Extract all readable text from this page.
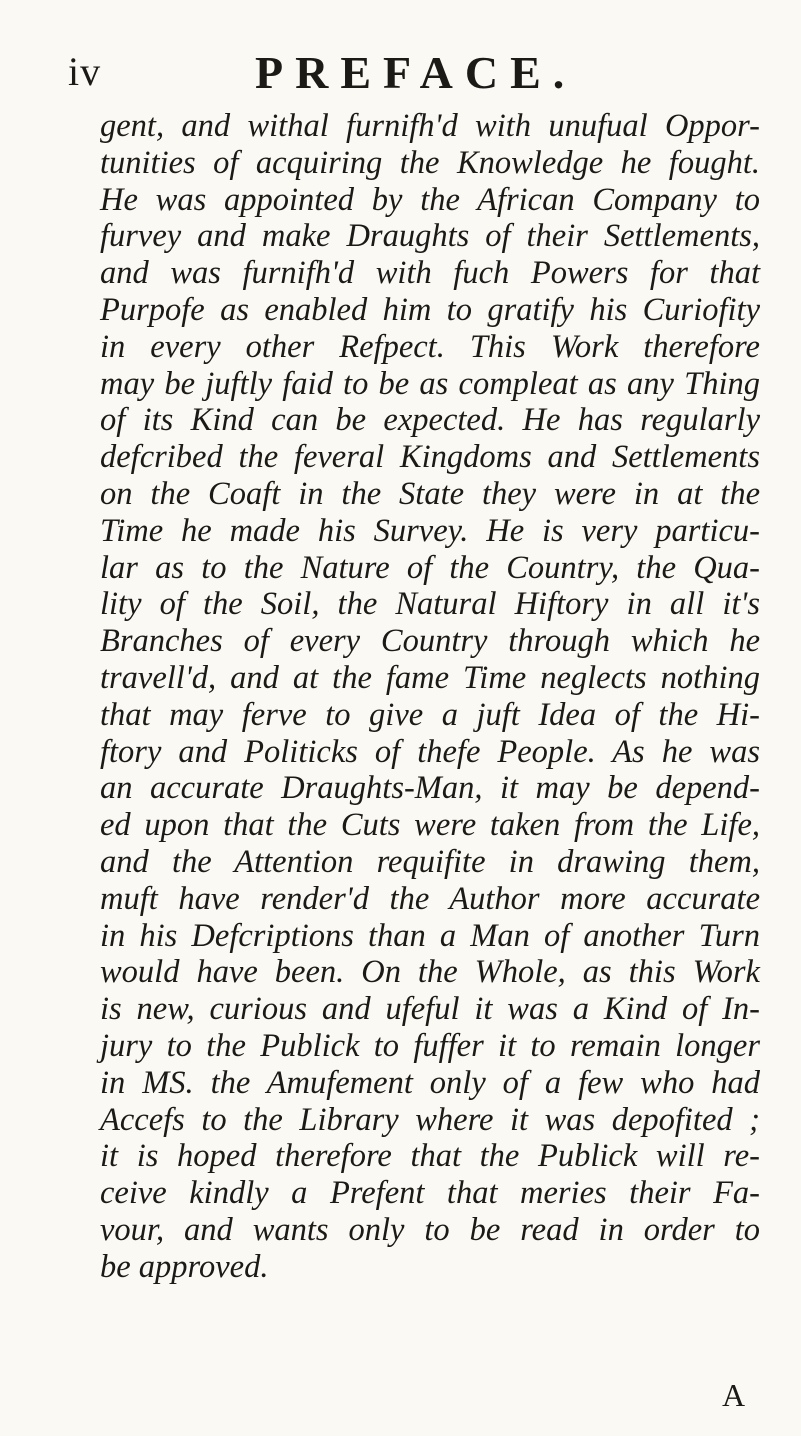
iv	PREFACE.
gent, and withal furnifh'd with unufual Oppor-
tunities of acquiring the Knowledge he fought.
He was appointed by the African Company to
furvey and make Draughts of their Settlements,
and was furnifh'd with fuch Powers for that
Purpofe as enabled him to gratify his Curiofity
in every other Refpect. This Work therefore
may be juftly faid to be as compleat as any Thing
of its Kind can be expected. He has regularly
defcribed the feveral Kingdoms and Settlements
on the Coaft in the State they were in at the
Time he made his Survey. He is very particu-
lar as to the Nature of the Country, the Qua-
lity of the Soil, the Natural Hiftory in all it's
Branches of every Country through which he
travell'd, and at the fame Time neglects nothing
that may ferve to give a juft Idea of the Hi-
ftory and Politicks of thefe People. As he was
an accurate Draughts-Man, it may be depend-
ed upon that the Cuts were taken from the Life,
and the Attention requifite in drawing them,
muft have render'd the Author more accurate
in his Defcriptions than a Man of another Turn
would have been. On the Whole, as this Work
is new, curious and ufeful it was a Kind of In-
jury to the Publick to fuffer it to remain longer
in MS. the Amufement only of a few who had
Accefs to the Library where it was depofited ;
it is hoped therefore that the Publick will re-
ceive kindly a Prefent that meries their Fa-
vour, and wants only to be read in order to
be approved.
A
